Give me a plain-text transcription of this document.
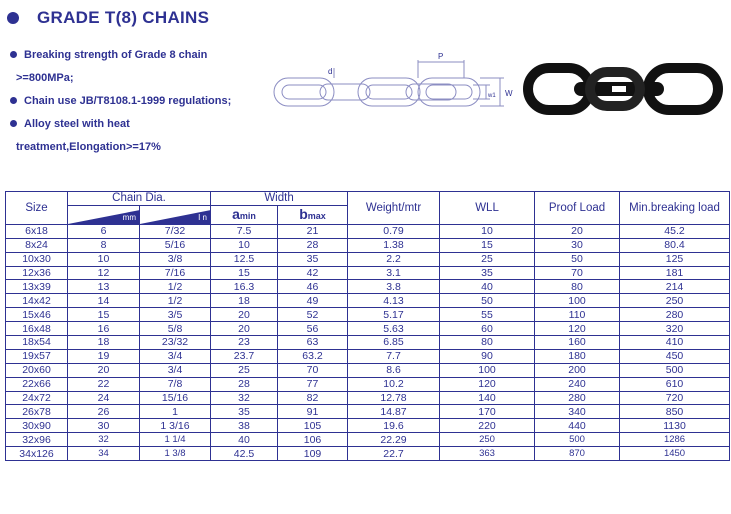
GRADE T(8) CHAINS
Breaking strength of Grade 8 chain
>=800MPa;
Chain use JB/T8108.1-1999 regulations;
Alloy steel with heat
treatment,Elongation>=17%
P
d
W
w1
Size	Chain Dia.		Width		Weight/mtr	WLL	Proof Load	Min.breaking load

	mm	I n	amin	bmax				
6x18	6	7/32	7.5	21	0.79	10	20	45.2
8x24	8	5/16	10	28	1.38	15	30	80.4
10x30	10	3/8	12.5	35	2.2	25	50	125
12x36	12	7/16	15	42	3.1	35	70	181
13x39	13	1/2	16.3	46	3.8	40	80	214
14x42	14	1/2	18	49	4.13	50	100	250
15x46	15	3/5	20	52	5.17	55	110	280
16x48	16	5/8	20	56	5.63	60	120	320
18x54	18	23/32	23	63	6.85	80	160	410
19x57	19	3/4	23.7	63.2	7.7	90	180	450
20x60	20	3/4	25	70	8.6	100	200	500
22x66	22	7/8	28	77	10.2	120	240	610
24x72	24	15/16	32	82	12.78	140	280	720
26x78	26	1	35	91	14.87	170	340	850
30x90	30	1 3/16	38	105	19.6	220	440	1130
32x96	32	1 1/4	40	106	22.29	250	500	1286
34x126	34	1 3/8	42.5	109	22.7	363	870	1450
